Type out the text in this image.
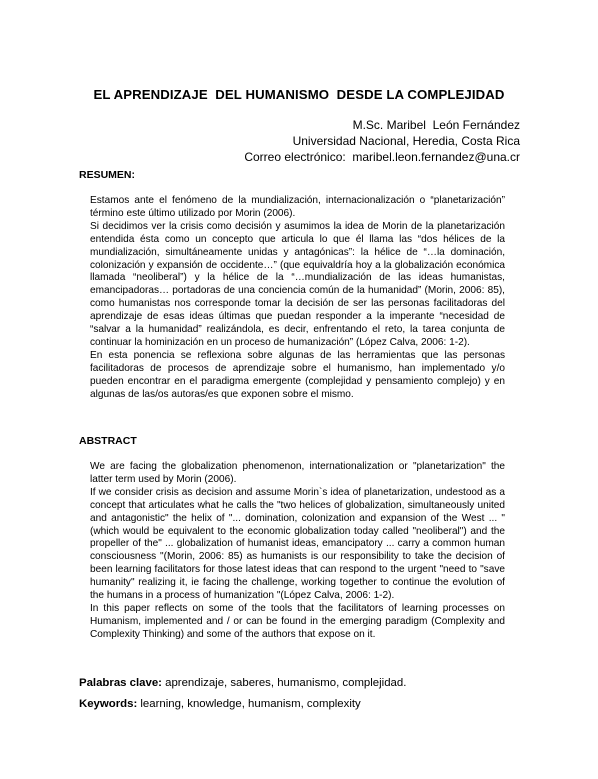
EL APRENDIZAJE  DEL HUMANISMO  DESDE LA COMPLEJIDAD
M.Sc. Maribel  León Fernández
Universidad Nacional, Heredia, Costa Rica
Correo electrónico:  maribel.leon.fernandez@una.cr
RESUMEN:
Estamos ante el fenómeno de la mundialización, internacionalización o “planetarización” término este último utilizado por Morin (2006).
Si decidimos ver la crisis como decisión y asumimos la idea de Morin de la planetarización entendida ésta como un concepto que articula lo que él llama las “dos hélices de la mundialización, simultáneamente unidas y antagónicas”: la hélice de “…la dominación, colonización y expansión de occidente…” (que equivaldría hoy a la globalización económica llamada “neoliberal”) y la hélice de la “…mundialización de las ideas humanistas, emancipadoras… portadoras de una conciencia común de la humanidad” (Morin, 2006: 85), como humanistas nos corresponde tomar la decisión de ser las personas facilitadoras del aprendizaje de esas ideas últimas que puedan responder a la imperante “necesidad de “salvar a la humanidad” realizándola, es decir, enfrentando el reto, la tarea conjunta de continuar la hominización en un proceso de humanización” (López Calva, 2006: 1-2).
En esta ponencia se reflexiona sobre algunas de las herramientas que las personas facilitadoras de procesos de aprendizaje sobre el humanismo, han implementado y/o pueden encontrar en el paradigma emergente (complejidad y pensamiento complejo) y en algunas de las/os autoras/es que exponen sobre el mismo.
ABSTRACT
We are facing the globalization phenomenon, internationalization or "planetarization" the latter term used by Morin (2006).
If we consider crisis as decision and assume Morin`s idea of planetarization, undestood as a concept that articulates what he calls the "two helices of globalization, simultaneously united and antagonistic" the helix of "... domination, colonization and expansion of the West ... "(which would be equivalent to the economic globalization today called "neoliberal") and the propeller of the" ... globalization of humanist ideas, emancipatory ... carry a common human consciousness "(Morin, 2006: 85) as humanists is our responsibility to take the decision of been learning facilitators for those latest ideas that can respond to the urgent "need to "save humanity" realizing it, ie facing the challenge, working together to continue the evolution of the humans in a process of humanization "(López Calva, 2006: 1-2).
In this paper reflects on some of the tools that the facilitators of learning processes on Humanism, implemented and / or can be found in the emerging paradigm (Complexity and Complexity Thinking) and some of the authors that expose on it.
Palabras clave: aprendizaje, saberes, humanismo, complejidad.
Keywords: learning, knowledge, humanism, complexity
